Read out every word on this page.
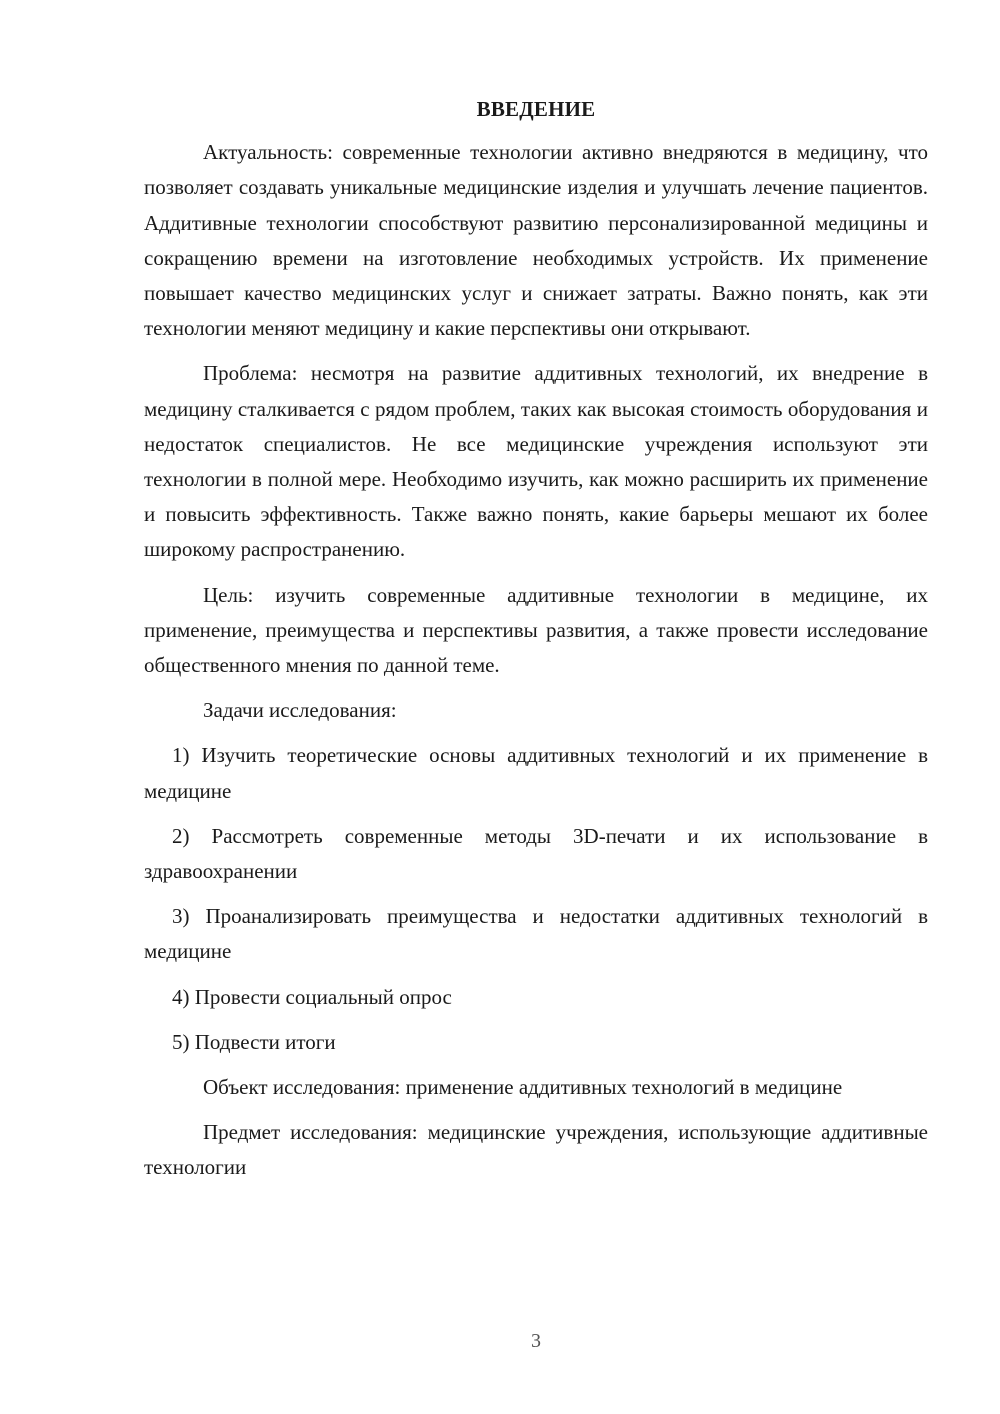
ВВЕДЕНИЕ

Актуальность: современные технологии активно внедряются в медицину, что позволяет создавать уникальные медицинские изделия и улучшать лечение пациентов. Аддитивные технологии способствуют развитию персонализированной медицины и сокращению времени на изготовление необходимых устройств. Их применение повышает качество медицинских услуг и снижает затраты. Важно понять, как эти технологии меняют медицину и какие перспективы они открывают.

Проблема: несмотря на развитие аддитивных технологий, их внедрение в медицину сталкивается с рядом проблем, таких как высокая стоимость оборудования и недостаток специалистов. Не все медицинские учреждения используют эти технологии в полной мере. Необходимо изучить, как можно расширить их применение и повысить эффективность. Также важно понять, какие барьеры мешают их более широкому распространению.

Цель: изучить современные аддитивные технологии в медицине, их применение, преимущества и перспективы развития, а также провести исследование общественного мнения по данной теме.

Задачи исследования:

1) Изучить теоретические основы аддитивных технологий и их применение в медицине

2) Рассмотреть современные методы 3D-печати и их использование в здравоохранении

3) Проанализировать преимущества и недостатки аддитивных технологий в медицине

4) Провести социальный опрос

5) Подвести итоги

Объект исследования: применение аддитивных технологий в медицине

Предмет исследования: медицинские учреждения, использующие аддитивные технологии

3
